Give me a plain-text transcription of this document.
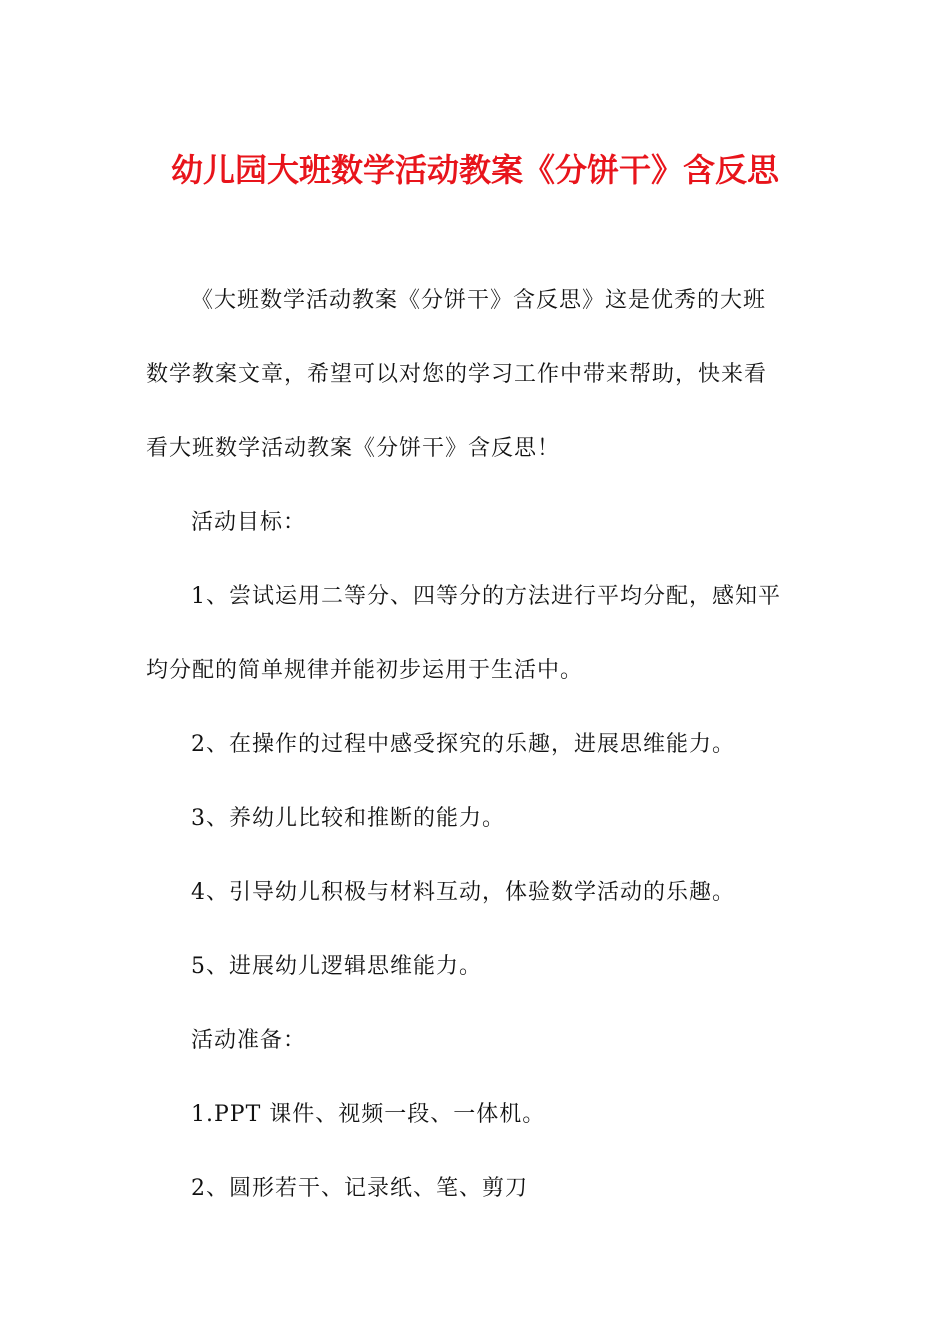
幼儿园大班数学活动教案《分饼干》含反思
《大班数学活动教案《分饼干》含反思》这是优秀的大班
数学教案文章，希望可以对您的学习工作中带来帮助，快来看
看大班数学活动教案《分饼干》含反思！
活动目标：
1、尝试运用二等分、四等分的方法进行平均分配，感知平
均分配的简单规律并能初步运用于生活中。
2、在操作的过程中感受探究的乐趣，进展思维能力。
3、养幼儿比较和推断的能力。
4、引导幼儿积极与材料互动，体验数学活动的乐趣。
5、进展幼儿逻辑思维能力。
活动准备：
1.PPT 课件、视频一段、一体机。
2、圆形若干、记录纸、笔、剪刀
